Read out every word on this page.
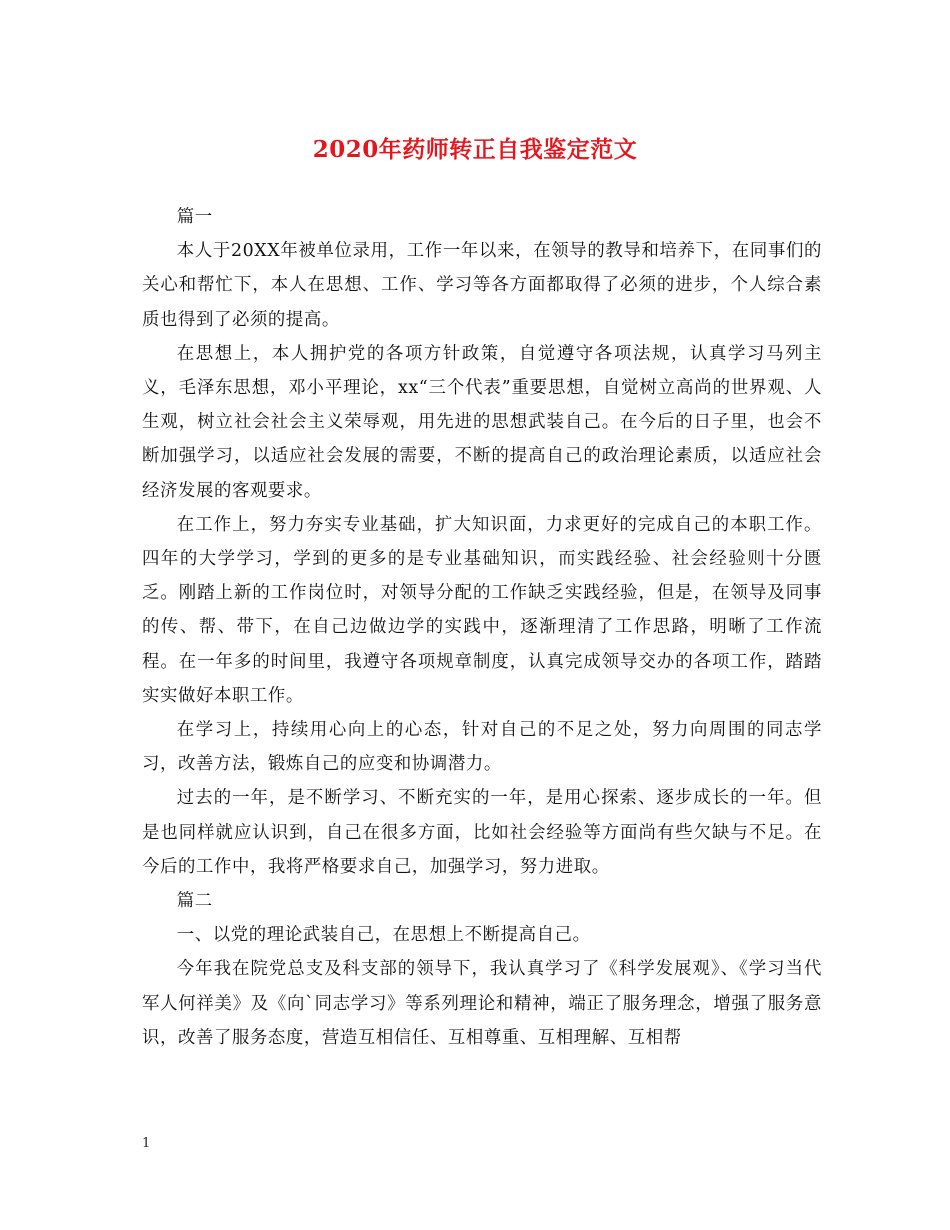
2020年药师转正自我鉴定范文

篇一

本人于20XX年被单位录用，工作一年以来，在领导的教导和培养下，在同事们的关心和帮忙下，本人在思想、工作、学习等各方面都取得了必须的进步，个人综合素质也得到了必须的提高。

在思想上，本人拥护党的各项方针政策，自觉遵守各项法规，认真学习马列主义，毛泽东思想，邓小平理论，xx“三个代表”重要思想，自觉树立高尚的世界观、人生观，树立社会社会主义荣辱观，用先进的思想武装自己。在今后的日子里，也会不断加强学习，以适应社会发展的需要，不断的提高自己的政治理论素质，以适应社会经济发展的客观要求。

在工作上，努力夯实专业基础，扩大知识面，力求更好的完成自己的本职工作。四年的大学学习，学到的更多的是专业基础知识，而实践经验、社会经验则十分匮乏。刚踏上新的工作岗位时，对领导分配的工作缺乏实践经验，但是，在领导及同事的传、帮、带下，在自己边做边学的实践中，逐渐理清了工作思路，明晰了工作流程。在一年多的时间里，我遵守各项规章制度，认真完成领导交办的各项工作，踏踏实实做好本职工作。

在学习上，持续用心向上的心态，针对自己的不足之处，努力向周围的同志学习，改善方法，锻炼自己的应变和协调潜力。

过去的一年，是不断学习、不断充实的一年，是用心探索、逐步成长的一年。但是也同样就应认识到，自己在很多方面，比如社会经验等方面尚有些欠缺与不足。在今后的工作中，我将严格要求自己，加强学习，努力进取。

篇二

一、以党的理论武装自己，在思想上不断提高自己。

今年我在院党总支及科支部的领导下，我认真学习了《科学发展观》、《学习当代军人何祥美》及《向`同志学习》等系列理论和精神，端正了服务理念，增强了服务意识，改善了服务态度，营造互相信任、互相尊重、互相理解、互相帮

1
